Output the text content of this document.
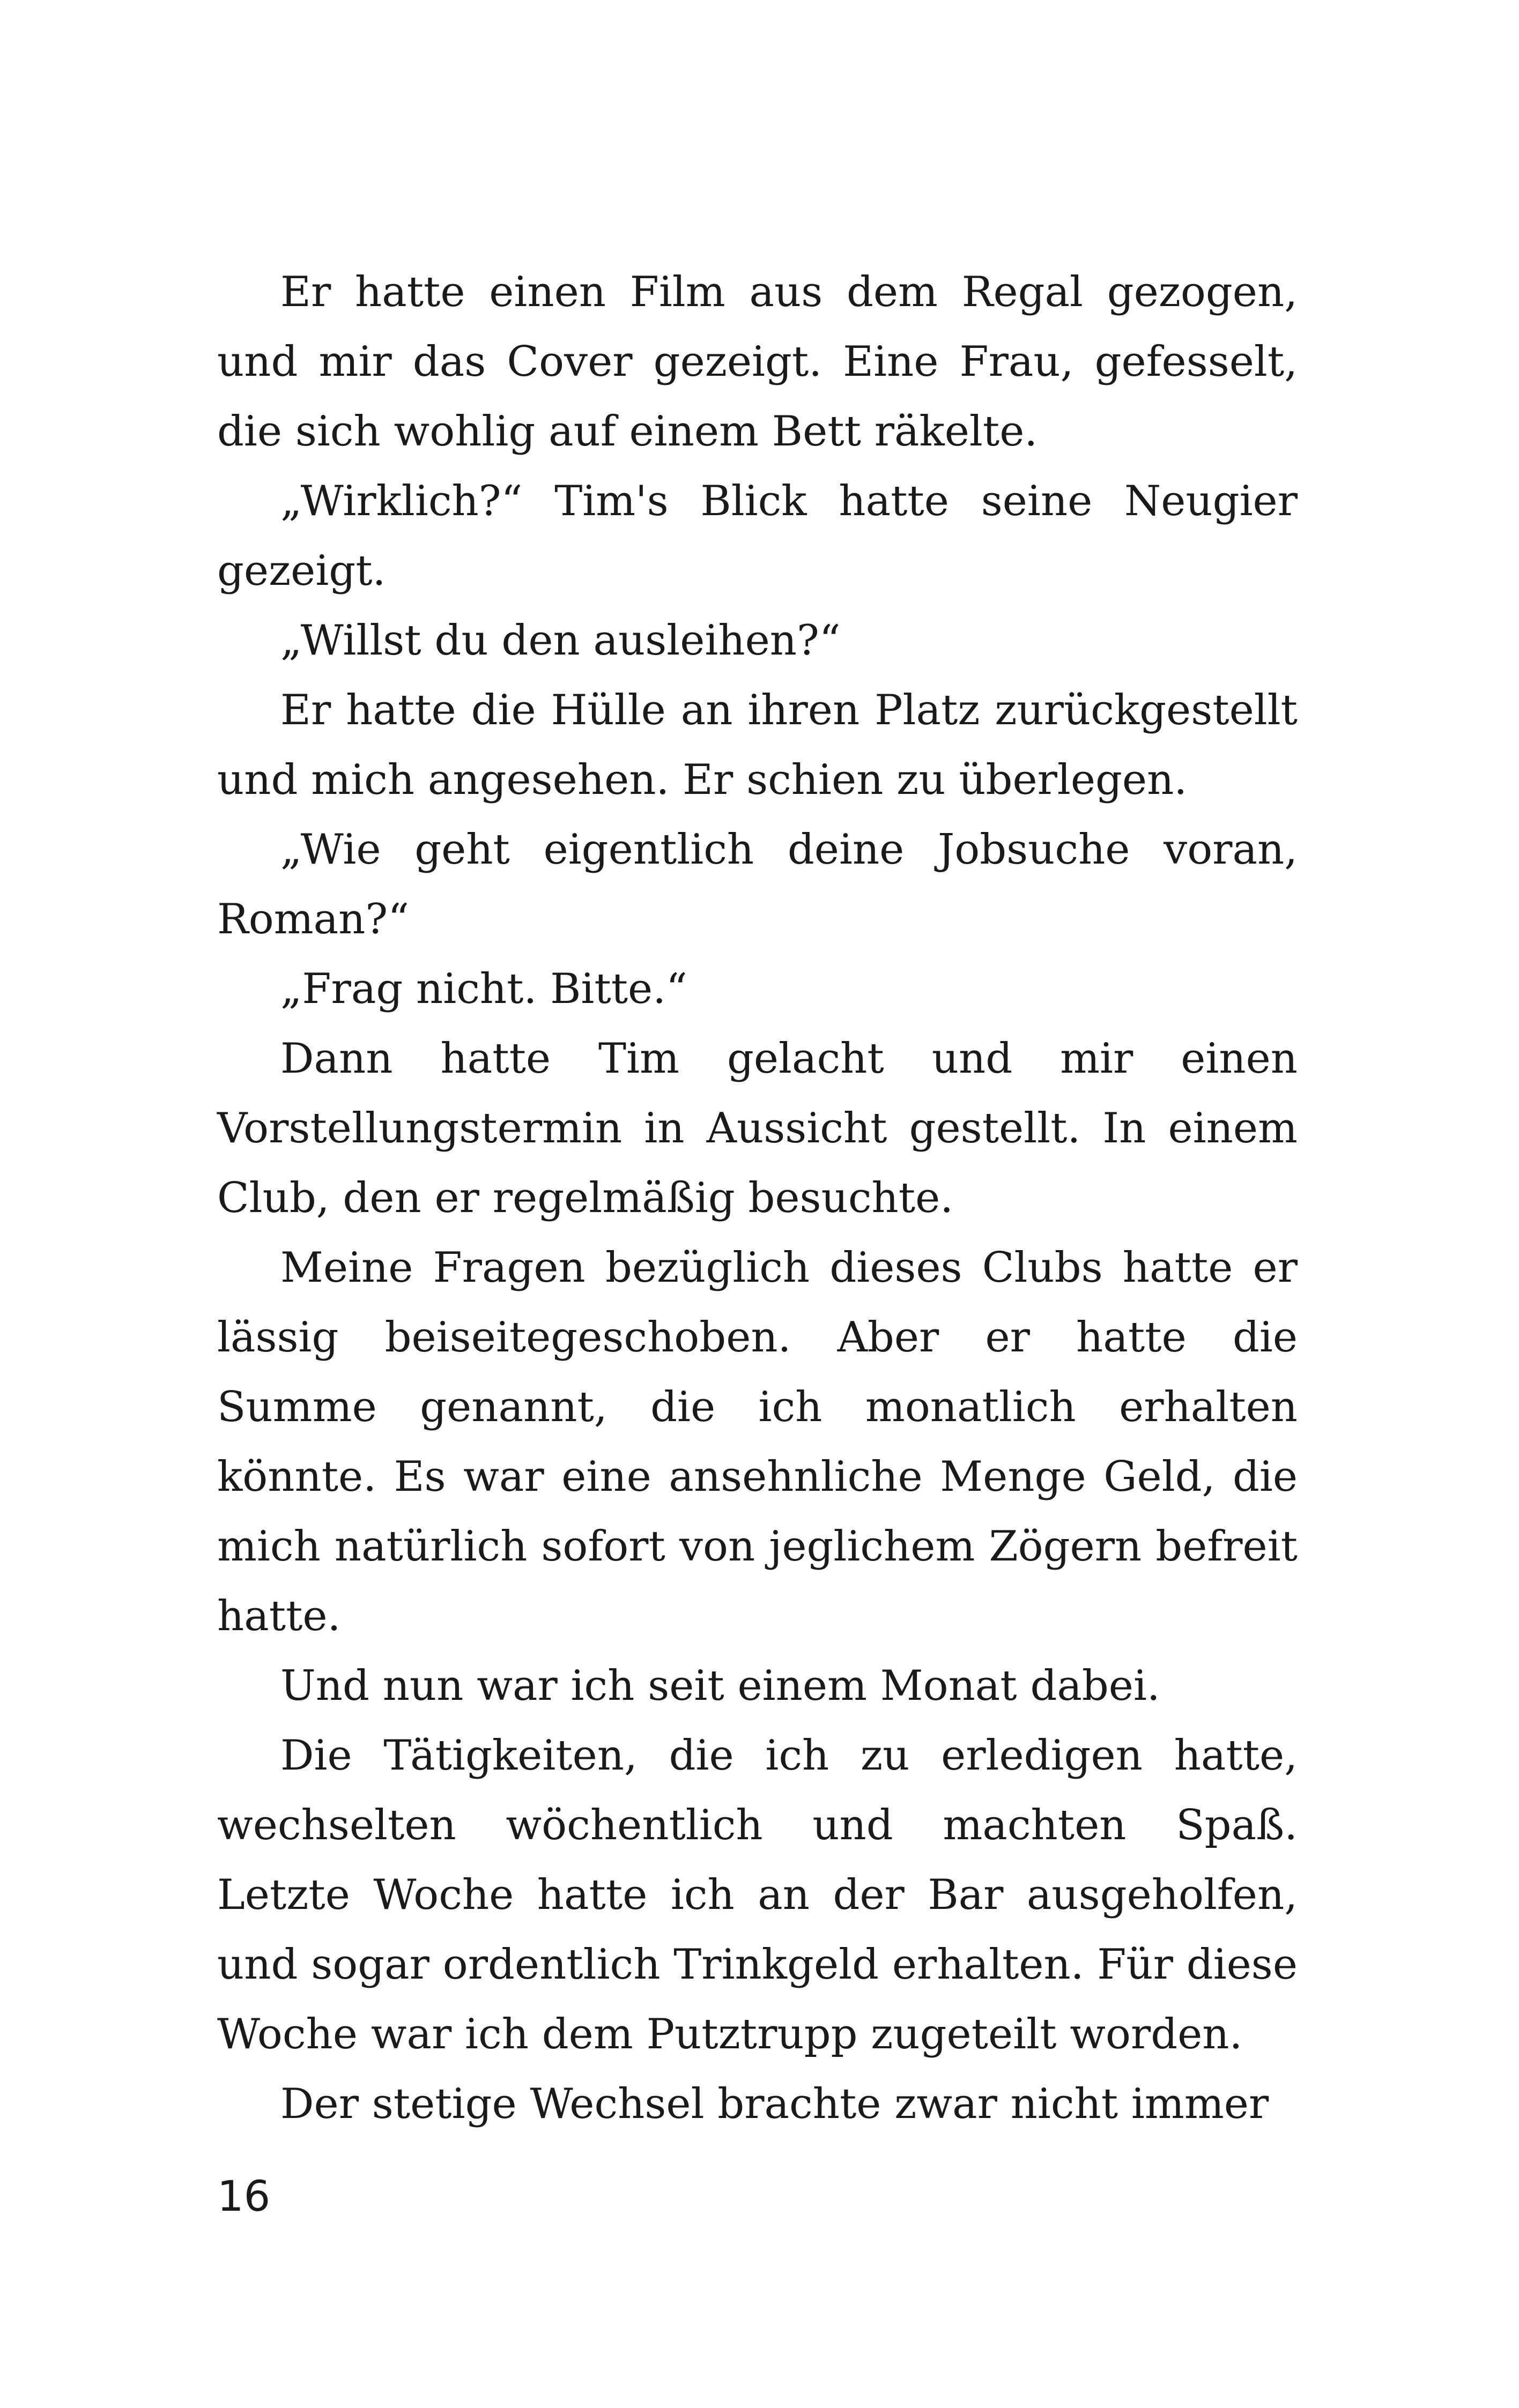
Er hatte einen Film aus dem Regal gezogen, und mir das Cover gezeigt. Eine Frau, gefesselt, die sich wohlig auf einem Bett räkelte.

„Wirklich?“ Tim's Blick hatte seine Neugier gezeigt.

„Willst du den ausleihen?“

Er hatte die Hülle an ihren Platz zurückgestellt und mich angesehen. Er schien zu überlegen.

„Wie geht eigentlich deine Jobsuche voran, Roman?“

„Frag nicht. Bitte.“

Dann hatte Tim gelacht und mir einen Vorstellungstermin in Aussicht gestellt. In einem Club, den er regelmäßig besuchte.

Meine Fragen bezüglich dieses Clubs hatte er lässig beiseitegeschoben. Aber er hatte die Summe genannt, die ich monatlich erhalten könnte. Es war eine ansehnliche Menge Geld, die mich natürlich sofort von jeglichem Zögern befreit hatte.

Und nun war ich seit einem Monat dabei.

Die Tätigkeiten, die ich zu erledigen hatte, wechselten wöchentlich und machten Spaß. Letzte Woche hatte ich an der Bar ausgeholfen, und sogar ordentlich Trinkgeld erhalten. Für diese Woche war ich dem Putztrupp zugeteilt worden.

Der stetige Wechsel brachte zwar nicht immer

16
